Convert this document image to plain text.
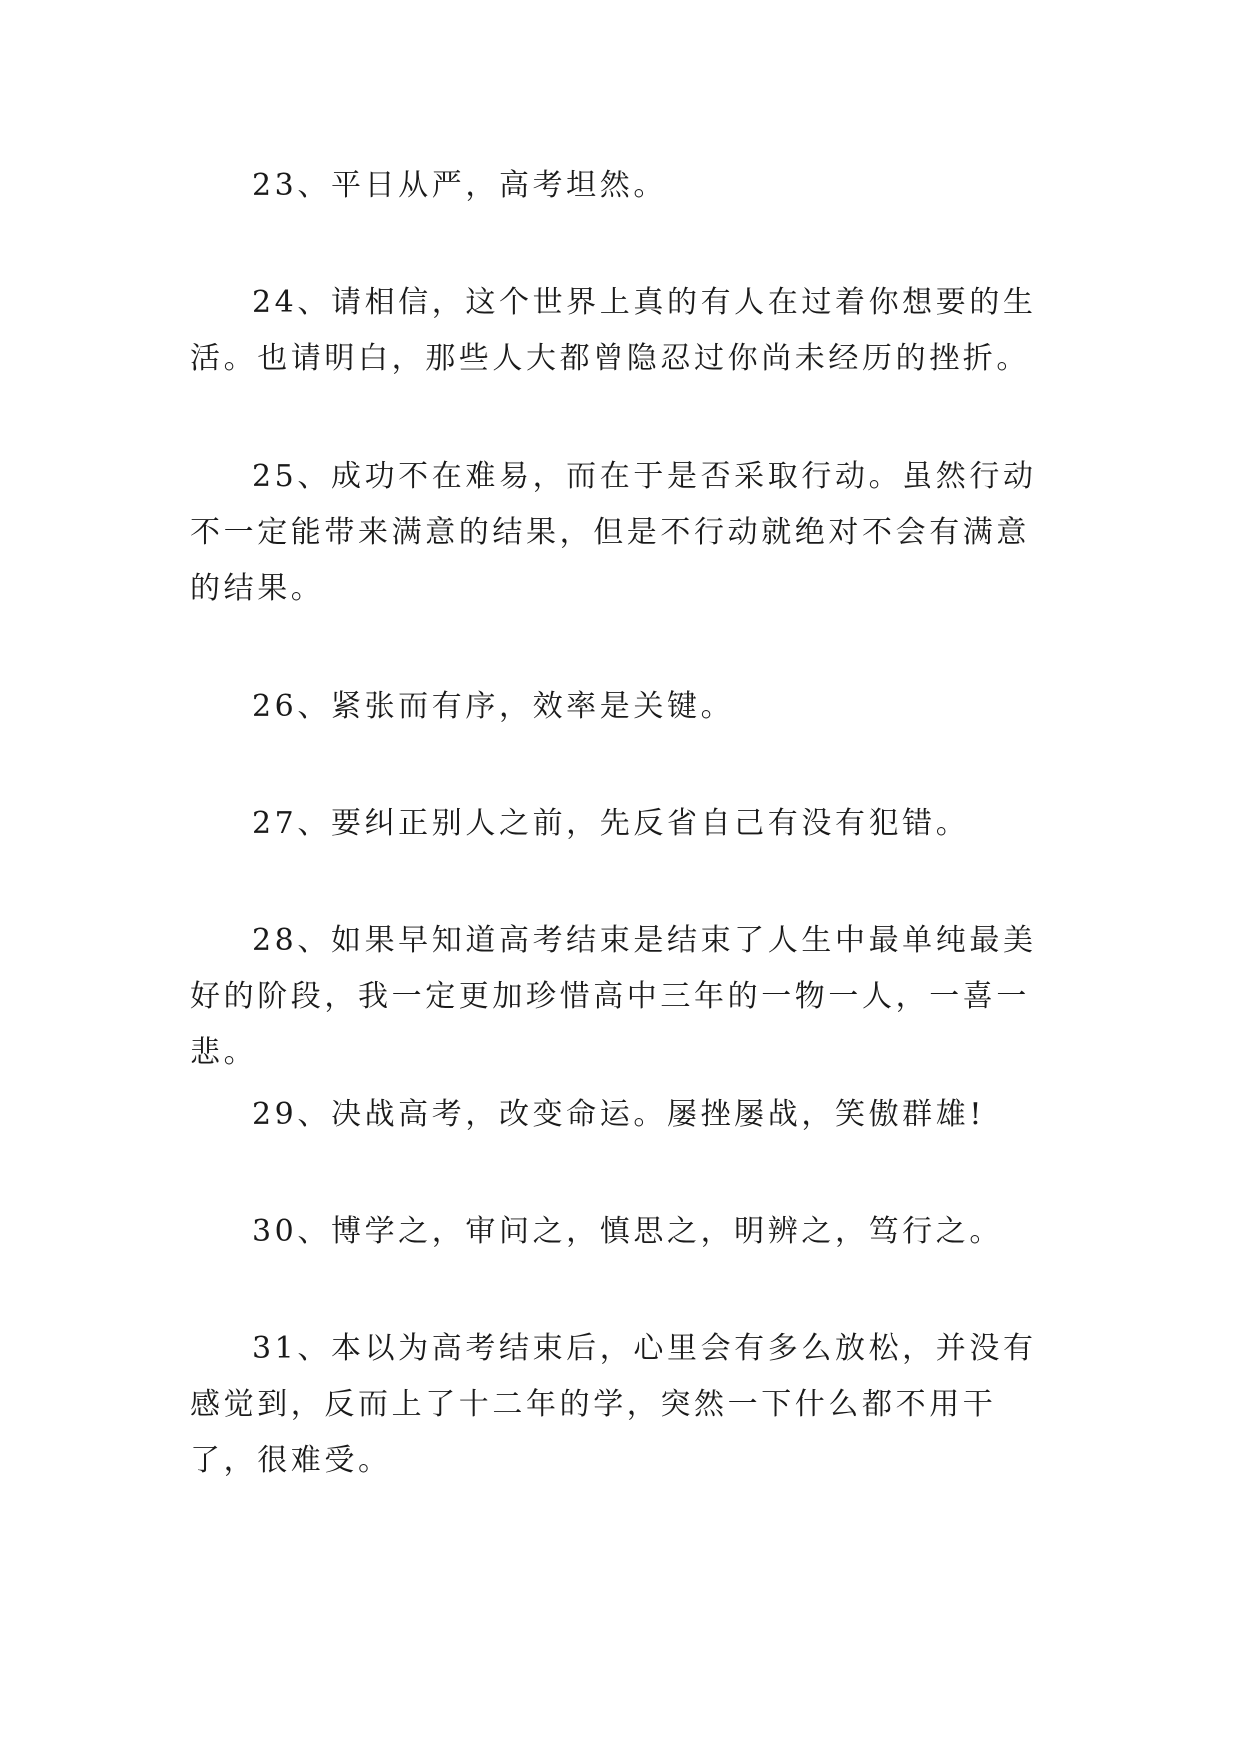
23、平日从严，高考坦然。

24、请相信，这个世界上真的有人在过着你想要的生活。也请明白，那些人大都曾隐忍过你尚未经历的挫折。

25、成功不在难易，而在于是否采取行动。虽然行动不一定能带来满意的结果，但是不行动就绝对不会有满意的结果。

26、紧张而有序，效率是关键。

27、要纠正别人之前，先反省自己有没有犯错。

28、如果早知道高考结束是结束了人生中最单纯最美好的阶段，我一定更加珍惜高中三年的一物一人，一喜一悲。

29、决战高考，改变命运。屡挫屡战，笑傲群雄!

30、博学之，审问之，慎思之，明辨之，笃行之。

31、本以为高考结束后，心里会有多么放松，并没有感觉到，反而上了十二年的学，突然一下什么都不用干了，很难受。
